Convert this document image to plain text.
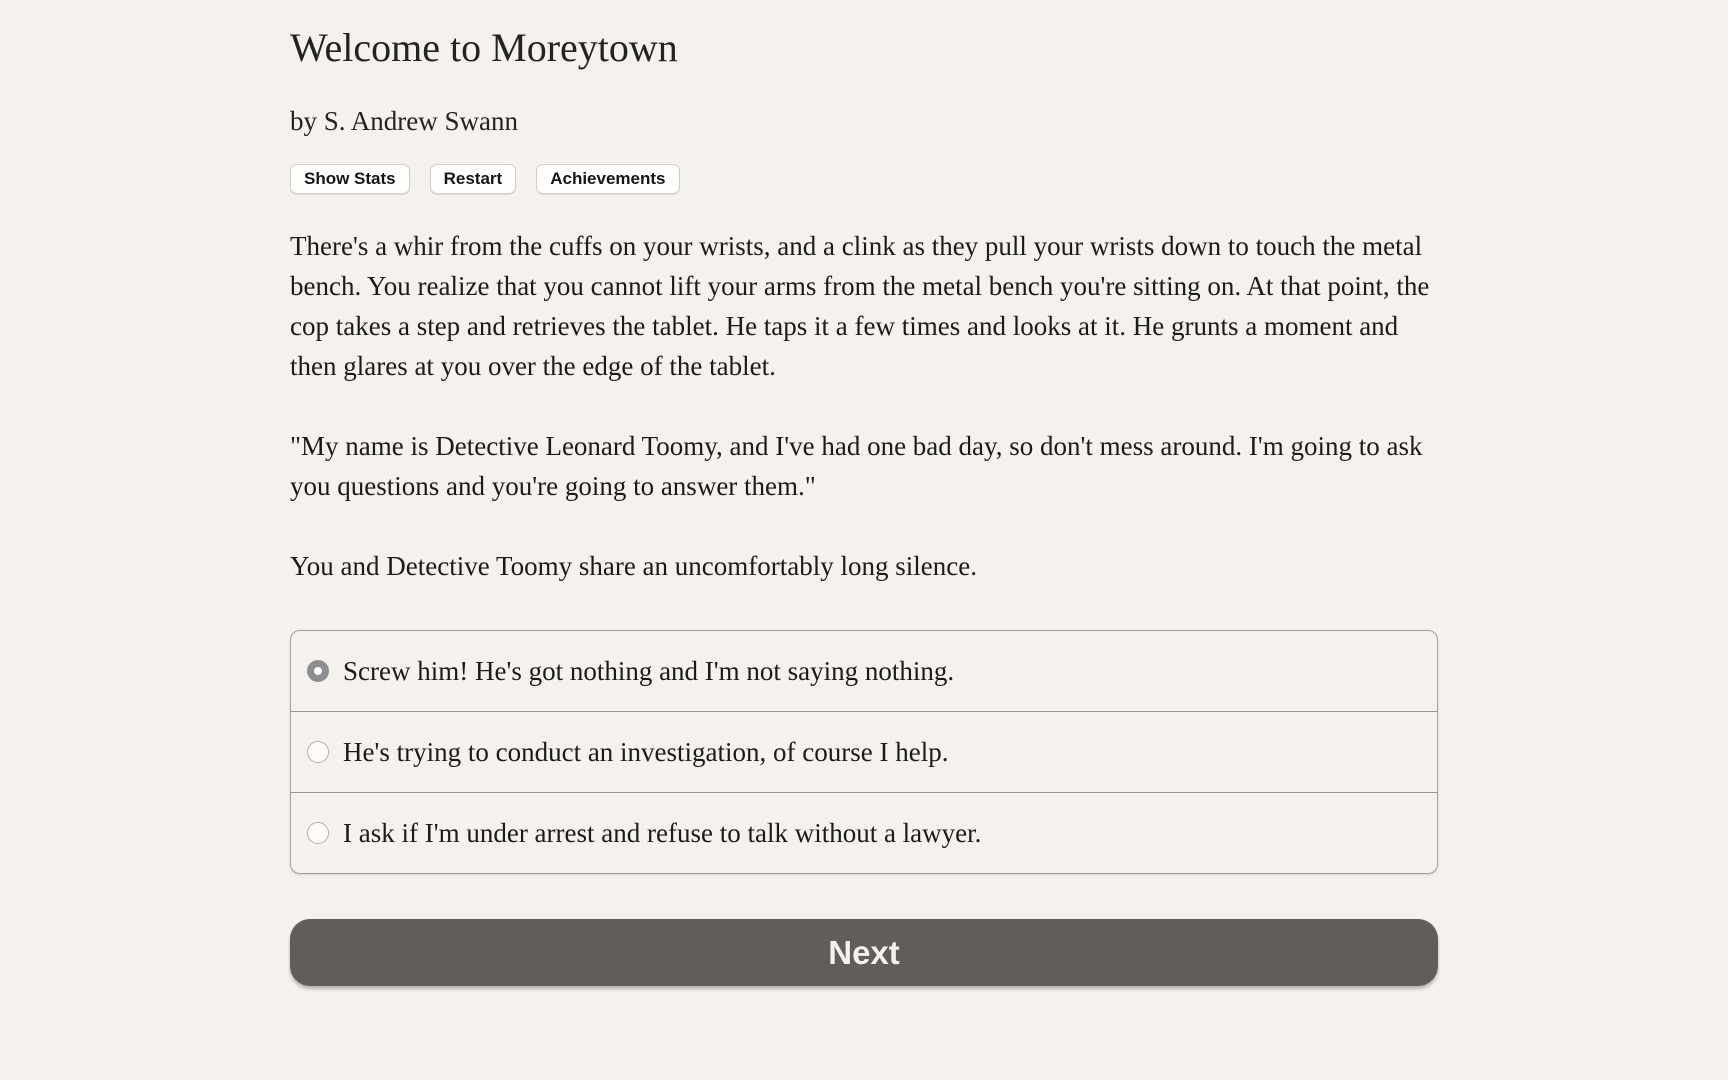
Welcome to Moreytown
by S. Andrew Swann
Show Stats	Restart	Achievements

There's a whir from the cuffs on your wrists, and a clink as they pull your wrists down to touch the metal bench. You realize that you cannot lift your arms from the metal bench you're sitting on. At that point, the cop takes a step and retrieves the tablet. He taps it a few times and looks at it. He grunts a moment and then glares at you over the edge of the tablet.

"My name is Detective Leonard Toomy, and I've had one bad day, so don't mess around. I'm going to ask you questions and you're going to answer them."

You and Detective Toomy share an uncomfortably long silence.

Screw him! He's got nothing and I'm not saying nothing.
He's trying to conduct an investigation, of course I help.
I ask if I'm under arrest and refuse to talk without a lawyer.
Next
